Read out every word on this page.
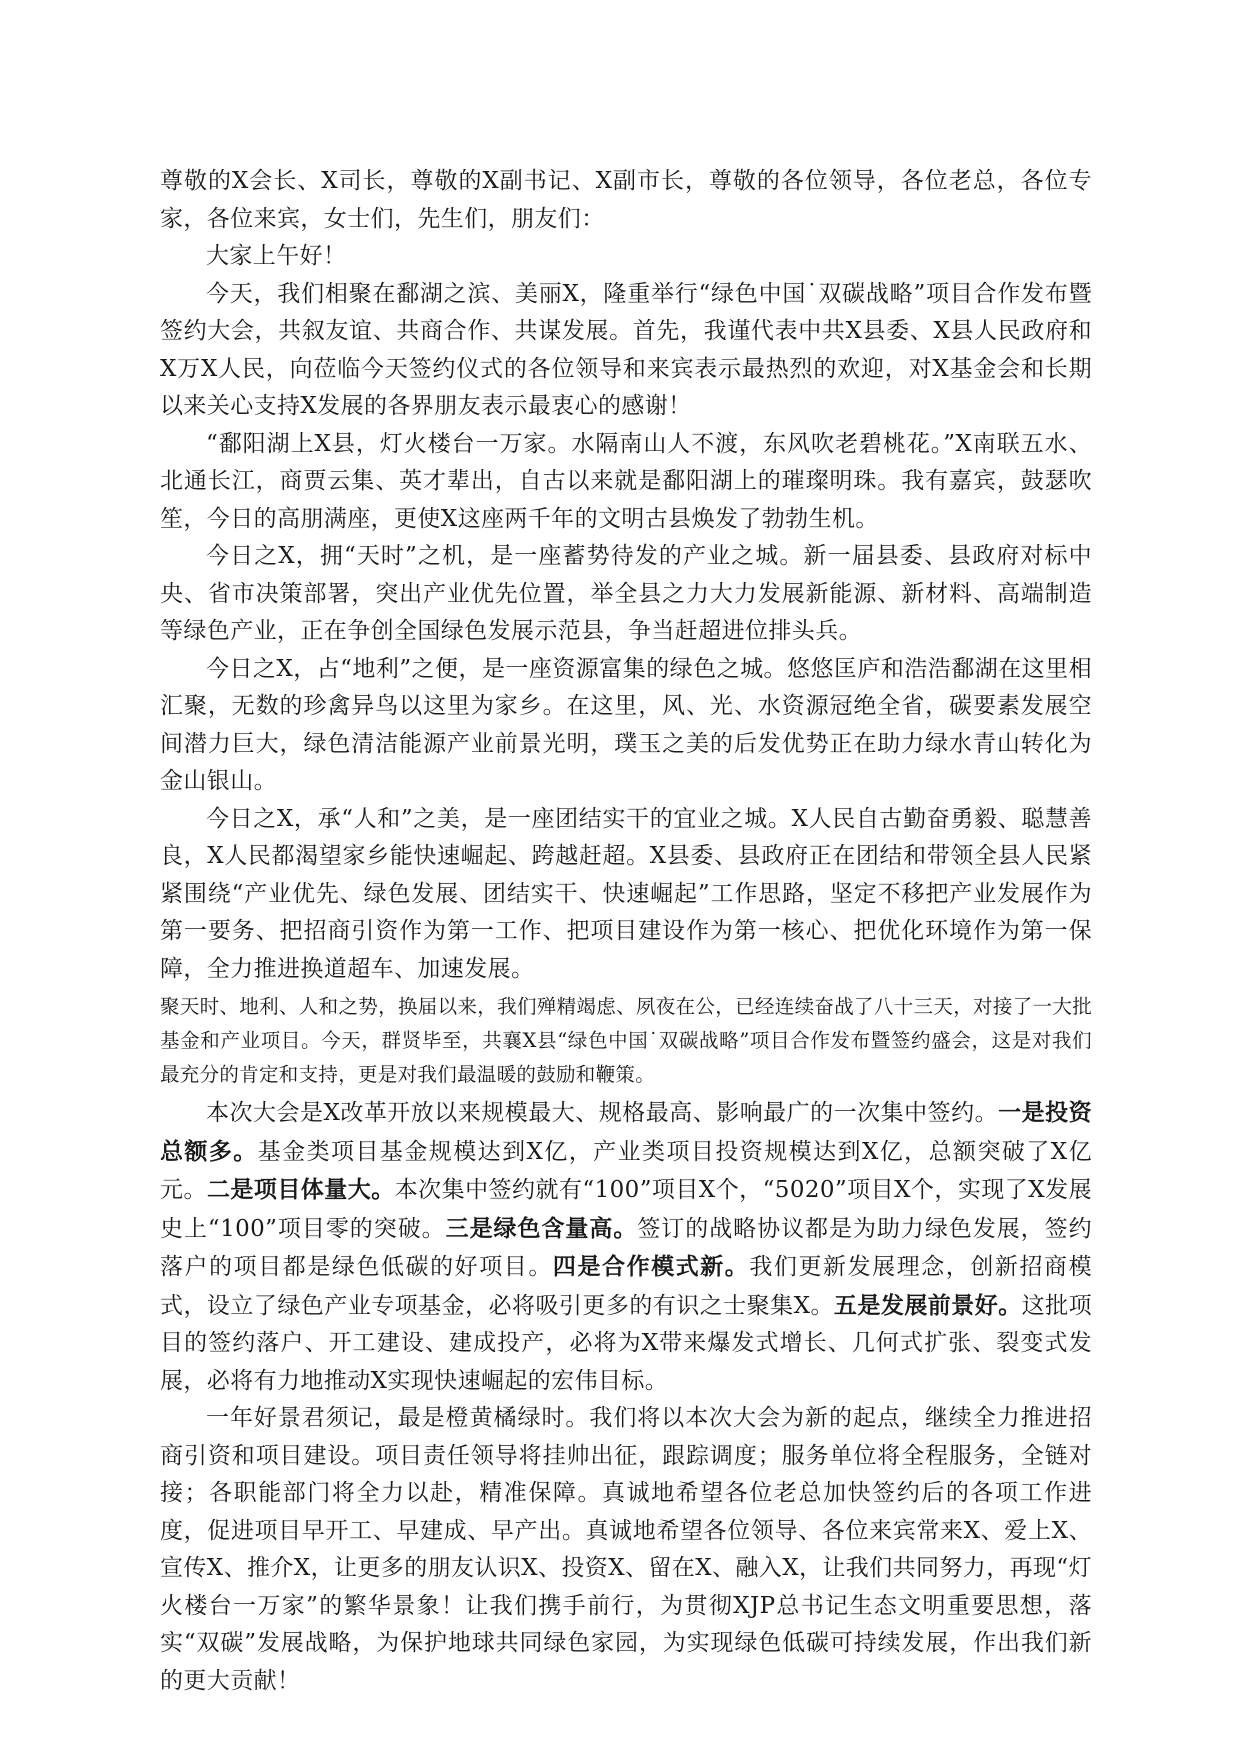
尊敬的X会长、X司长，尊敬的X副书记、X副市长，尊敬的各位领导，各位老总，各位专家，各位来宾，女士们，先生们，朋友们：

大家上午好！

今天，我们相聚在鄱湖之滨、美丽X，隆重举行“绿色中国˙双碳战略”项目合作发布暨签约大会，共叙友谊、共商合作、共谋发展。首先，我谨代表中共X县委、X县人民政府和X万X人民，向莅临今天签约仪式的各位领导和来宾表示最热烈的欢迎，对X基金会和长期以来关心支持X发展的各界朋友表示最衷心的感谢！

“鄱阳湖上X县，灯火楼台一万家。水隔南山人不渡，东风吹老碧桃花。”X南联五水、北通长江，商贾云集、英才辈出，自古以来就是鄱阳湖上的璀璨明珠。我有嘉宾，鼓瑟吹笙，今日的高朋满座，更使X这座两千年的文明古县焕发了勃勃生机。

今日之X，拥“天时”之机，是一座蓄势待发的产业之城。新一届县委、县政府对标中央、省市决策部署，突出产业优先位置，举全县之力大力发展新能源、新材料、高端制造等绿色产业，正在争创全国绿色发展示范县，争当赶超进位排头兵。

今日之X，占“地利”之便，是一座资源富集的绿色之城。悠悠匡庐和浩浩鄱湖在这里相汇聚，无数的珍禽异鸟以这里为家乡。在这里，风、光、水资源冠绝全省，碳要素发展空间潜力巨大，绿色清洁能源产业前景光明，璞玉之美的后发优势正在助力绿水青山转化为金山银山。

今日之X，承“人和”之美，是一座团结实干的宜业之城。X人民自古勤奋勇毅、聪慧善良，X人民都渴望家乡能快速崛起、跨越赶超。X县委、县政府正在团结和带领全县人民紧紧围绕“产业优先、绿色发展、团结实干、快速崛起”工作思路，坚定不移把产业发展作为第一要务、把招商引资作为第一工作、把项目建设作为第一核心、把优化环境作为第一保障，全力推进换道超车、加速发展。

聚天时、地利、人和之势，换届以来，我们殚精竭虑、夙夜在公，已经连续奋战了八十三天，对接了一大批基金和产业项目。今天，群贤毕至，共襄X县“绿色中国˙双碳战略”项目合作发布暨签约盛会，这是对我们最充分的肯定和支持，更是对我们最温暖的鼓励和鞭策。

本次大会是X改革开放以来规模最大、规格最高、影响最广的一次集中签约。一是投资总额多。基金类项目基金规模达到X亿，产业类项目投资规模达到X亿，总额突破了X亿元。二是项目体量大。本次集中签约就有“100”项目X个，“5020”项目X个，实现了X发展史上“100”项目零的突破。三是绿色含量高。签订的战略协议都是为助力绿色发展，签约落户的项目都是绿色低碳的好项目。四是合作模式新。我们更新发展理念，创新招商模式，设立了绿色产业专项基金，必将吸引更多的有识之士聚集X。五是发展前景好。这批项目的签约落户、开工建设、建成投产，必将为X带来爆发式增长、几何式扩张、裂变式发展，必将有力地推动X实现快速崛起的宏伟目标。

一年好景君须记，最是橙黄橘绿时。我们将以本次大会为新的起点，继续全力推进招商引资和项目建设。项目责任领导将挂帅出征，跟踪调度；服务单位将全程服务，全链对接；各职能部门将全力以赴，精准保障。真诚地希望各位老总加快签约后的各项工作进度，促进项目早开工、早建成、早产出。真诚地希望各位领导、各位来宾常来X、爱上X、宣传X、推介X，让更多的朋友认识X、投资X、留在X、融入X，让我们共同努力，再现“灯火楼台一万家”的繁华景象！让我们携手前行，为贯彻XJP总书记生态文明重要思想，落实“双碳”发展战略，为保护地球共同绿色家园，为实现绿色低碳可持续发展，作出我们新的更大贡献！
